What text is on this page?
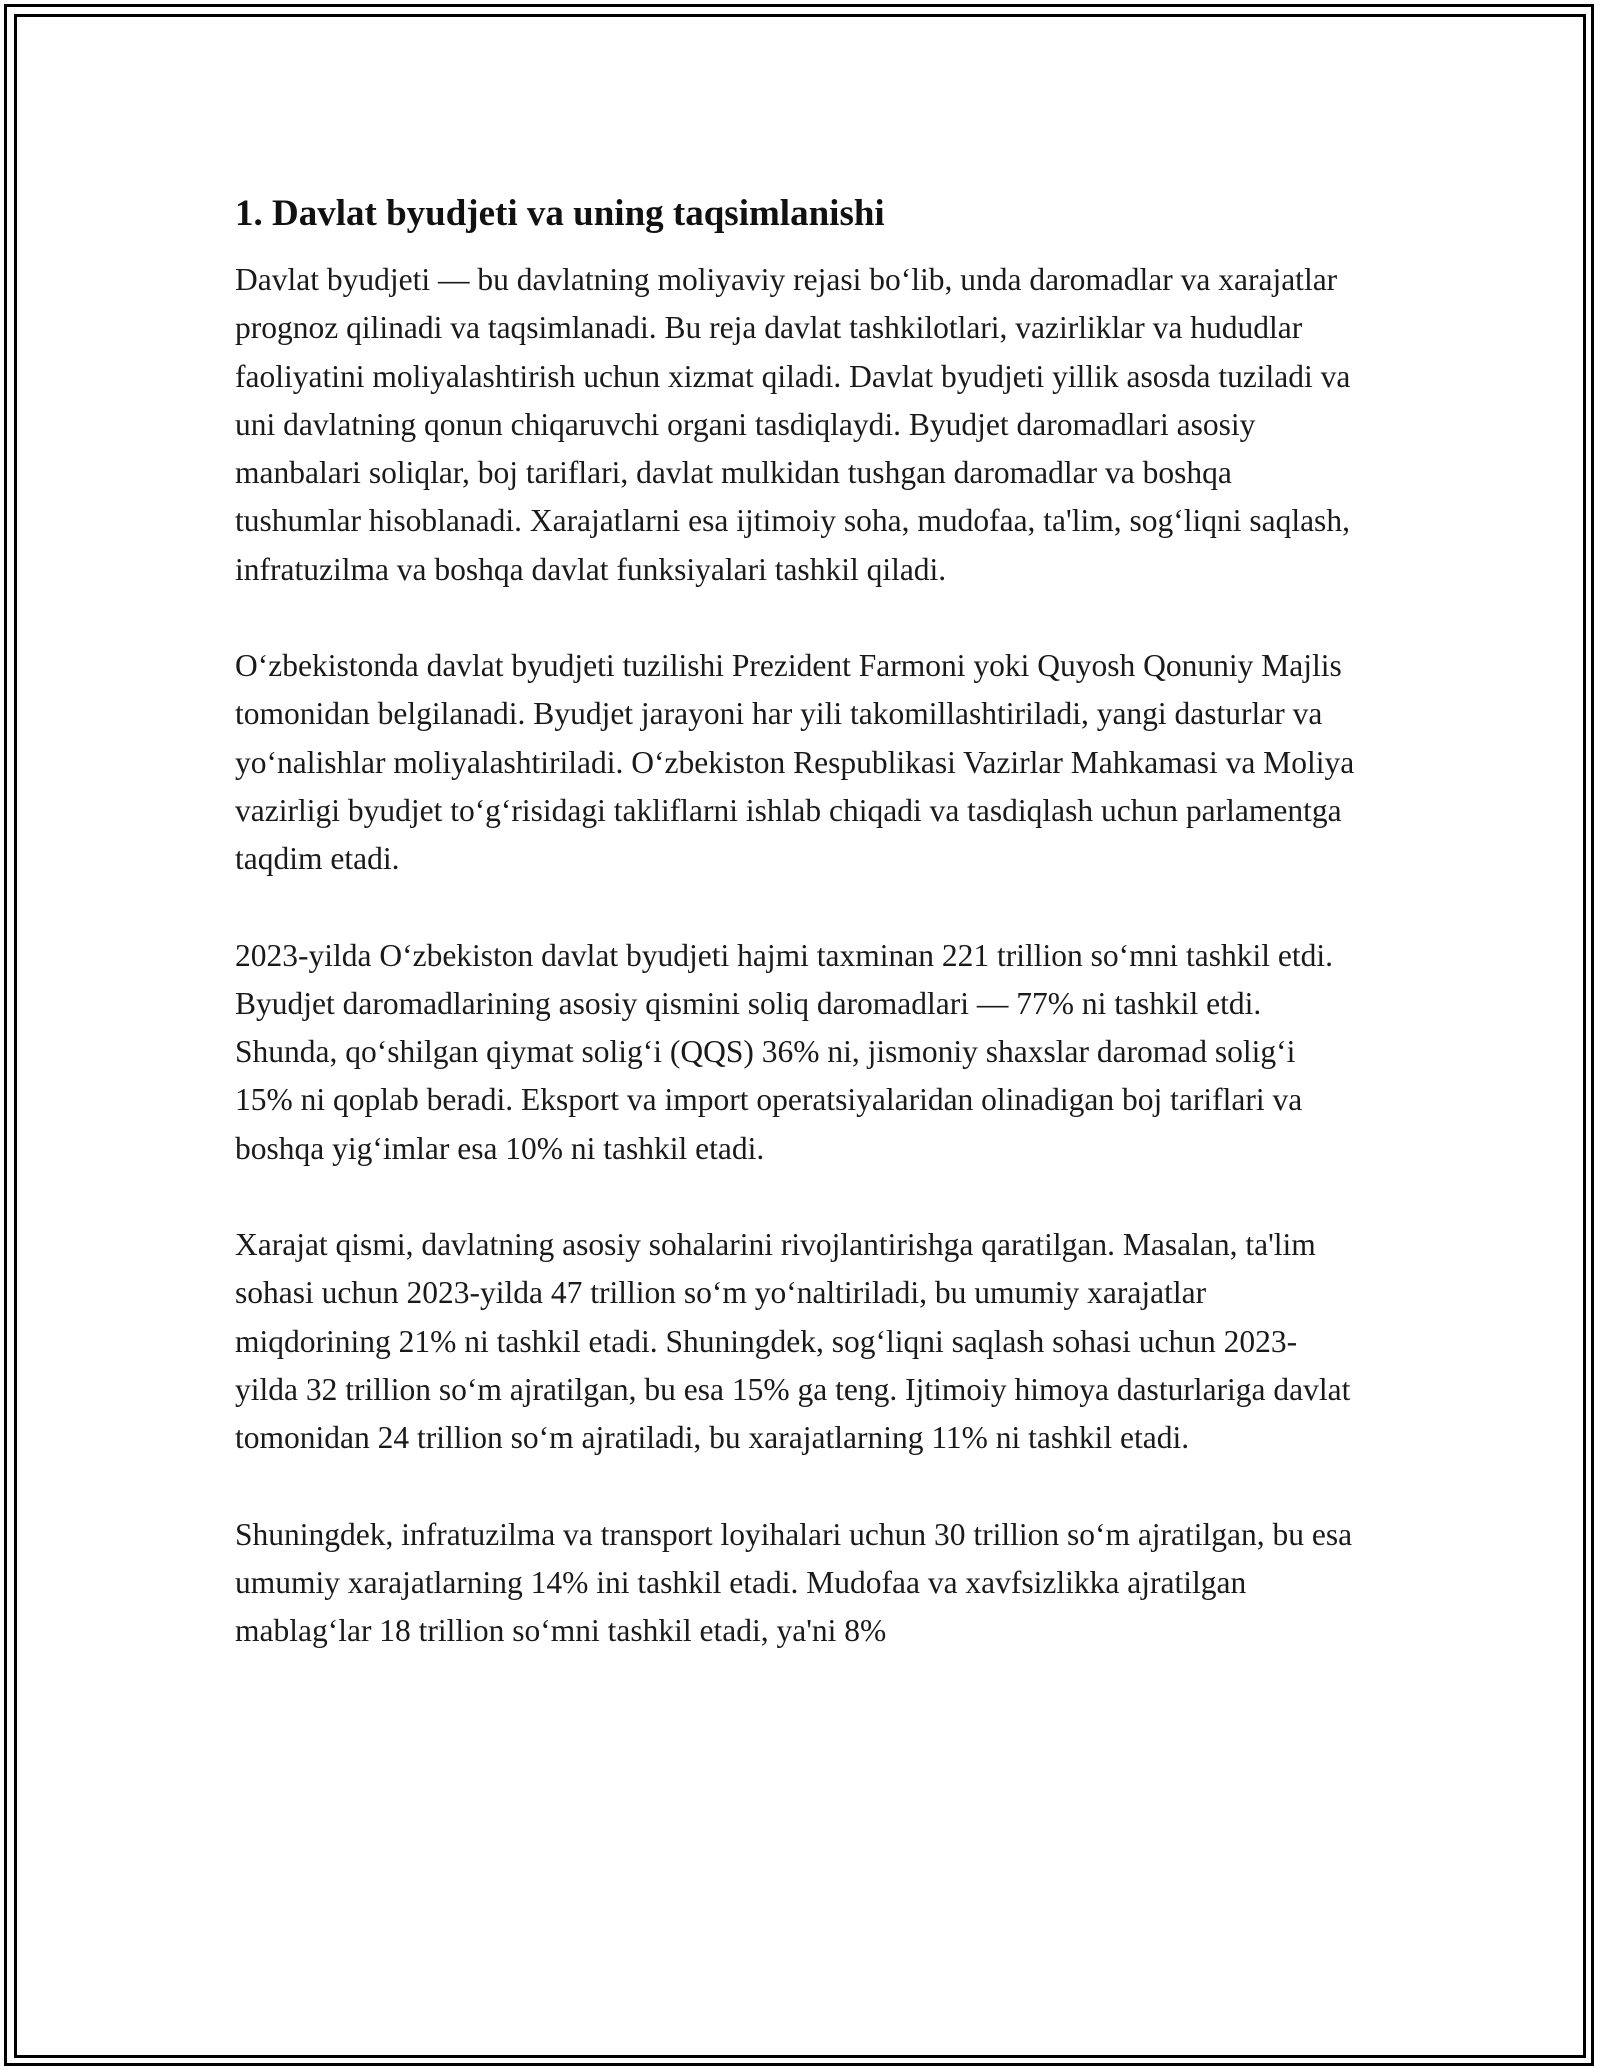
1. Davlat byudjeti va uning taqsimlanishi

Davlat byudjeti — bu davlatning moliyaviy rejasi bo‘lib, unda daromadlar va xarajatlar prognoz qilinadi va taqsimlanadi. Bu reja davlat tashkilotlari, vazirliklar va hududlar faoliyatini moliyalashtirish uchun xizmat qiladi. Davlat byudjeti yillik asosda tuziladi va uni davlatning qonun chiqaruvchi organi tasdiqlaydi. Byudjet daromadlari asosiy manbalari soliqlar, boj tariflari, davlat mulkidan tushgan daromadlar va boshqa tushumlar hisoblanadi. Xarajatlarni esa ijtimoiy soha, mudofaa, ta'lim, sog‘liqni saqlash, infratuzilma va boshqa davlat funksiyalari tashkil qiladi.

O‘zbekistonda davlat byudjeti tuzilishi Prezident Farmoni yoki Quyosh Qonuniy Majlis tomonidan belgilanadi. Byudjet jarayoni har yili takomillashtiriladi, yangi dasturlar va yo‘nalishlar moliyalashtiriladi. O‘zbekiston Respublikasi Vazirlar Mahkamasi va Moliya vazirligi byudjet to‘g‘risidagi takliflarni ishlab chiqadi va tasdiqlash uchun parlamentga taqdim etadi.

2023-yilda O‘zbekiston davlat byudjeti hajmi taxminan 221 trillion so‘mni tashkil etdi. Byudjet daromadlarining asosiy qismini soliq daromadlari — 77% ni tashkil etdi. Shunda, qo‘shilgan qiymat solig‘i (QQS) 36% ni, jismoniy shaxslar daromad solig‘i 15% ni qoplab beradi. Eksport va import operatsiyalaridan olinadigan boj tariflari va boshqa yig‘imlar esa 10% ni tashkil etadi.

Xarajat qismi, davlatning asosiy sohalarini rivojlantirishga qaratilgan. Masalan, ta'lim sohasi uchun 2023-yilda 47 trillion so‘m yo‘naltiriladi, bu umumiy xarajatlar miqdorining 21% ni tashkil etadi. Shuningdek, sog‘liqni saqlash sohasi uchun 2023-yilda 32 trillion so‘m ajratilgan, bu esa 15% ga teng. Ijtimoiy himoya dasturlariga davlat tomonidan 24 trillion so‘m ajratiladi, bu xarajatlarning 11% ni tashkil etadi.

Shuningdek, infratuzilma va transport loyihalari uchun 30 trillion so‘m ajratilgan, bu esa umumiy xarajatlarning 14% ini tashkil etadi. Mudofaa va xavfsizlikka ajratilgan mablag‘lar 18 trillion so‘mni tashkil etadi, ya'ni 8%
